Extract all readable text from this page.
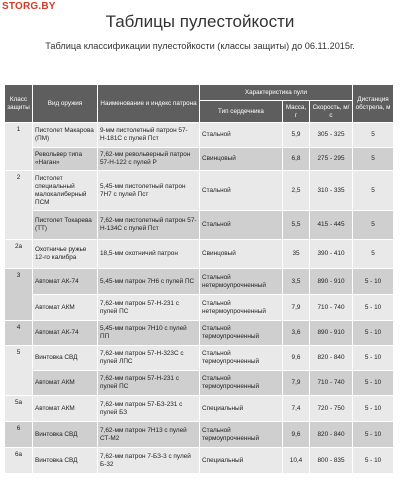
STORG.BY
Таблицы пулестойкости
Таблица классификации пулестойкости (классы защиты) до 06.11.2015г.
Класс защиты	Вид оружия	Наименование и индекс патрона	Характеристика пули			Дистанция обстрела, м
			Тип сердечника	Масса, г	Скорость, м/с	
1	Пистолет Макарова (ПМ)	9-мм пистолетный патрон 57-Н-181С с пулей Пст	Стальной	5,9	305 - 325	5
	Револьвер типа «Наган»	7,62-мм револьверный патрон 57-Н-122 с пулей Р	Свинцовый	6,8	275 - 295	5
2	Пистолет специальный малокалиберный ПСМ	5,45-мм пистолетный патрон 7Н7 с пулей Пст	Стальной	2,5	310 - 335	5
	Пистолет Токарева (ТТ)	7,62-мм пистолетный патрон 57-Н-134С с пулей Пст	Стальной	5,5	415 - 445	5
2а	Охотничье ружье 12-го калибра	18,5-мм охотничий патрон	Свинцовый	35	390 - 410	5
3	Автомат АК-74	5,45-мм патрон 7Н6 с пулей ПС	Стальной нетермоупрочненный	3,5	890 - 910	5 - 10
	Автомат АКМ	7,62-мм патрон 57-Н-231 с пулей ПС	Стальной нетермоупрочненный	7,9	710 - 740	5 - 10
4	Автомат АК-74	5,45-мм патрон 7Н10 с пулей ПП	Стальной термоупрочненный	3,6	890 - 910	5 - 10
5	Винтовка СВД	7,62-мм патрон 57-Н-323С с пулей ЛПС	Стальной термоупрочненный	9,6	820 - 840	5 - 10
	Автомат АКМ	7,62-мм патрон 57-Н-231 с пулей ПС	Стальной термоупрочненный	7,9	710 - 740	5 - 10
5а	Автомат АКМ	7,62-мм патрон 57-БЗ-231 с пулей БЗ	Специальный	7,4	720 - 750	5 - 10
6	Винтовка СВД	7,62-мм патрон 7Н13 с пулей СТ-М2	Стальной термоупрочненный	9,6	820 - 840	5 - 10
6а	Винтовка СВД	7,62-мм патрон 7-БЗ-3 с пулей Б-32	Специальный	10,4	800 - 835	5 - 10
